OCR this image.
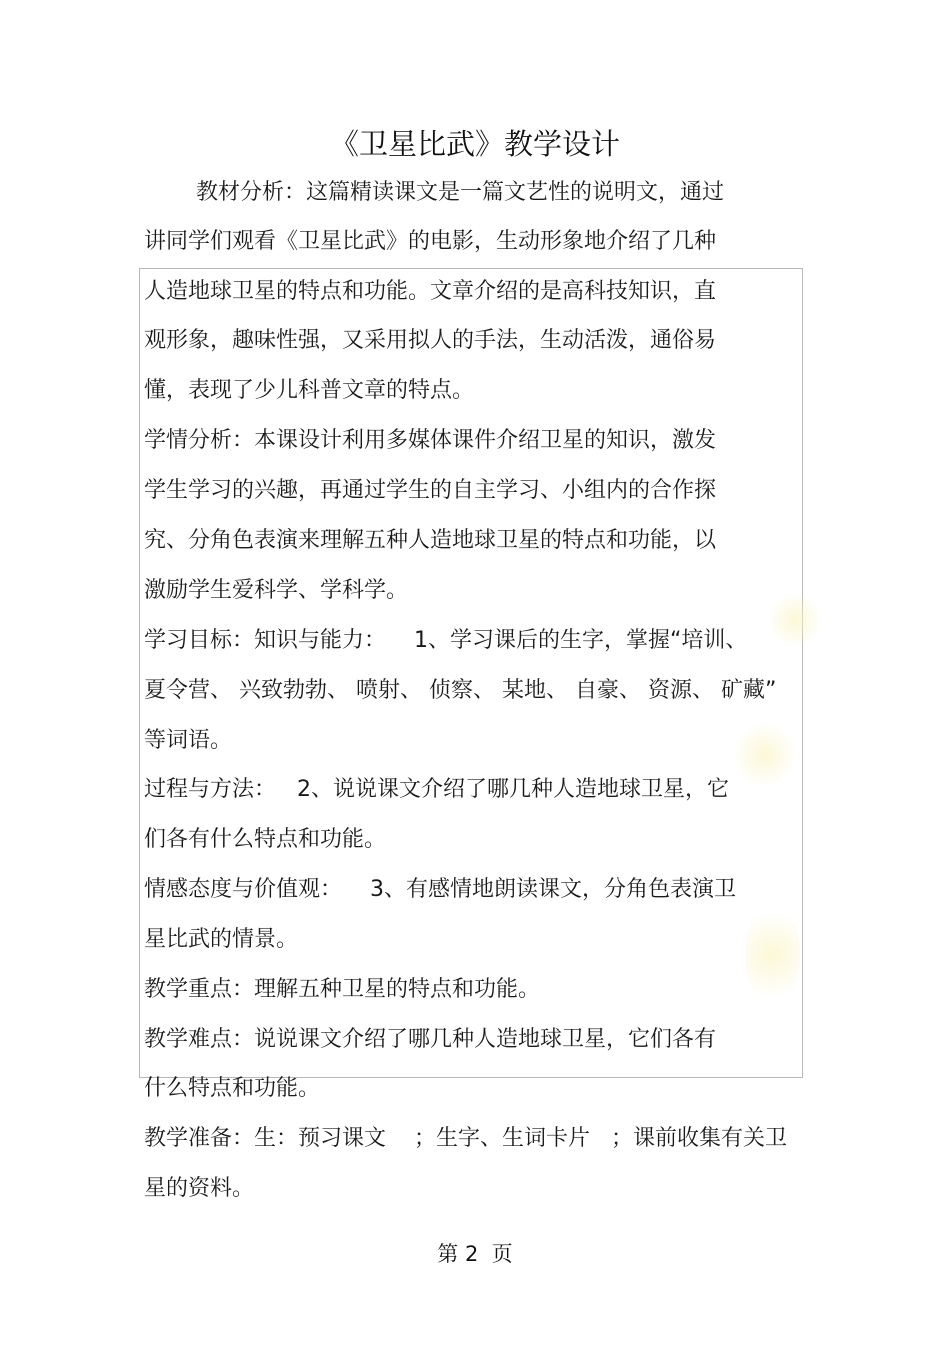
《卫星比武》教学设计
教材分析：这篇精读课文是一篇文艺性的说明文，通过
讲同学们观看《卫星比武》的电影，生动形象地介绍了几种
人造地球卫星的特点和功能。文章介绍的是高科技知识，直
观形象，趣味性强，又采用拟人的手法，生动活泼，通俗易
懂，表现了少儿科普文章的特点。
学情分析：本课设计利用多媒体课件介绍卫星的知识，激发
学生学习的兴趣，再通过学生的自主学习、小组内的合作探
究、分角色表演来理解五种人造地球卫星的特点和功能，以
激励学生爱科学、学科学。
学习目标：知识与能力：    1、学习课后的生字，掌握“培训、
夏令营、 兴致勃勃、 喷射、 侦察、 某地、 自豪、 资源、 矿藏”
等词语。
过程与方法：   2、说说课文介绍了哪几种人造地球卫星，它
们各有什么特点和功能。
情感态度与价值观：    3、有感情地朗读课文，分角色表演卫
星比武的情景。
教学重点：理解五种卫星的特点和功能。
教学难点：说说课文介绍了哪几种人造地球卫星，它们各有
什么特点和功能。
教学准备：生：预习课文    ；生字、生词卡片   ；课前收集有关卫
星的资料。
第 2  页
